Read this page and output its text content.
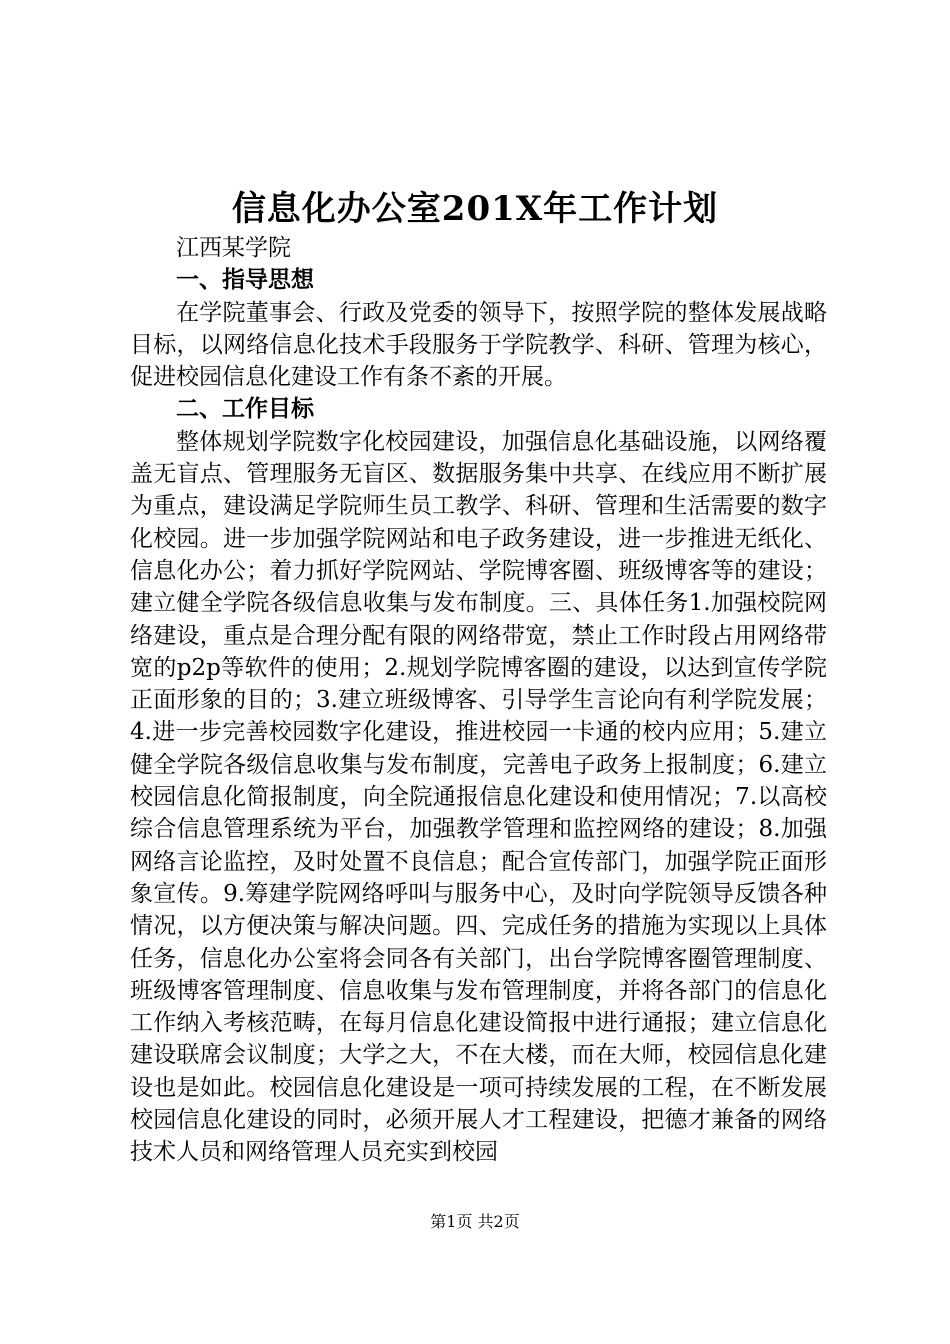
信息化办公室201X年工作计划

江西某学院

一、指导思想

在学院董事会、行政及党委的领导下，按照学院的整体发展战略目标，以网络信息化技术手段服务于学院教学、科研、管理为核心，促进校园信息化建设工作有条不紊的开展。

二、工作目标

整体规划学院数字化校园建设，加强信息化基础设施，以网络覆盖无盲点、管理服务无盲区、数据服务集中共享、在线应用不断扩展为重点，建设满足学院师生员工教学、科研、管理和生活需要的数字化校园。进一步加强学院网站和电子政务建设，进一步推进无纸化、信息化办公；着力抓好学院网站、学院博客圈、班级博客等的建设；建立健全学院各级信息收集与发布制度。三、具体任务1.加强校院网络建设，重点是合理分配有限的网络带宽，禁止工作时段占用网络带宽的p2p等软件的使用；2.规划学院博客圈的建设，以达到宣传学院正面形象的目的；3.建立班级博客、引导学生言论向有利学院发展；4.进一步完善校园数字化建设，推进校园一卡通的校内应用；5.建立健全学院各级信息收集与发布制度，完善电子政务上报制度；6.建立校园信息化简报制度，向全院通报信息化建设和使用情况；7.以高校综合信息管理系统为平台，加强教学管理和监控网络的建设；8.加强网络言论监控，及时处置不良信息；配合宣传部门，加强学院正面形象宣传。9.筹建学院网络呼叫与服务中心，及时向学院领导反馈各种情况，以方便决策与解决问题。四、完成任务的措施为实现以上具体任务，信息化办公室将会同各有关部门，出台学院博客圈管理制度、班级博客管理制度、信息收集与发布管理制度，并将各部门的信息化工作纳入考核范畴，在每月信息化建设简报中进行通报；建立信息化建设联席会议制度；大学之大，不在大楼，而在大师，校园信息化建设也是如此。校园信息化建设是一项可持续发展的工程，在不断发展校园信息化建设的同时，必须开展人才工程建设，把德才兼备的网络技术人员和网络管理人员充实到校园

第1页 共2页
